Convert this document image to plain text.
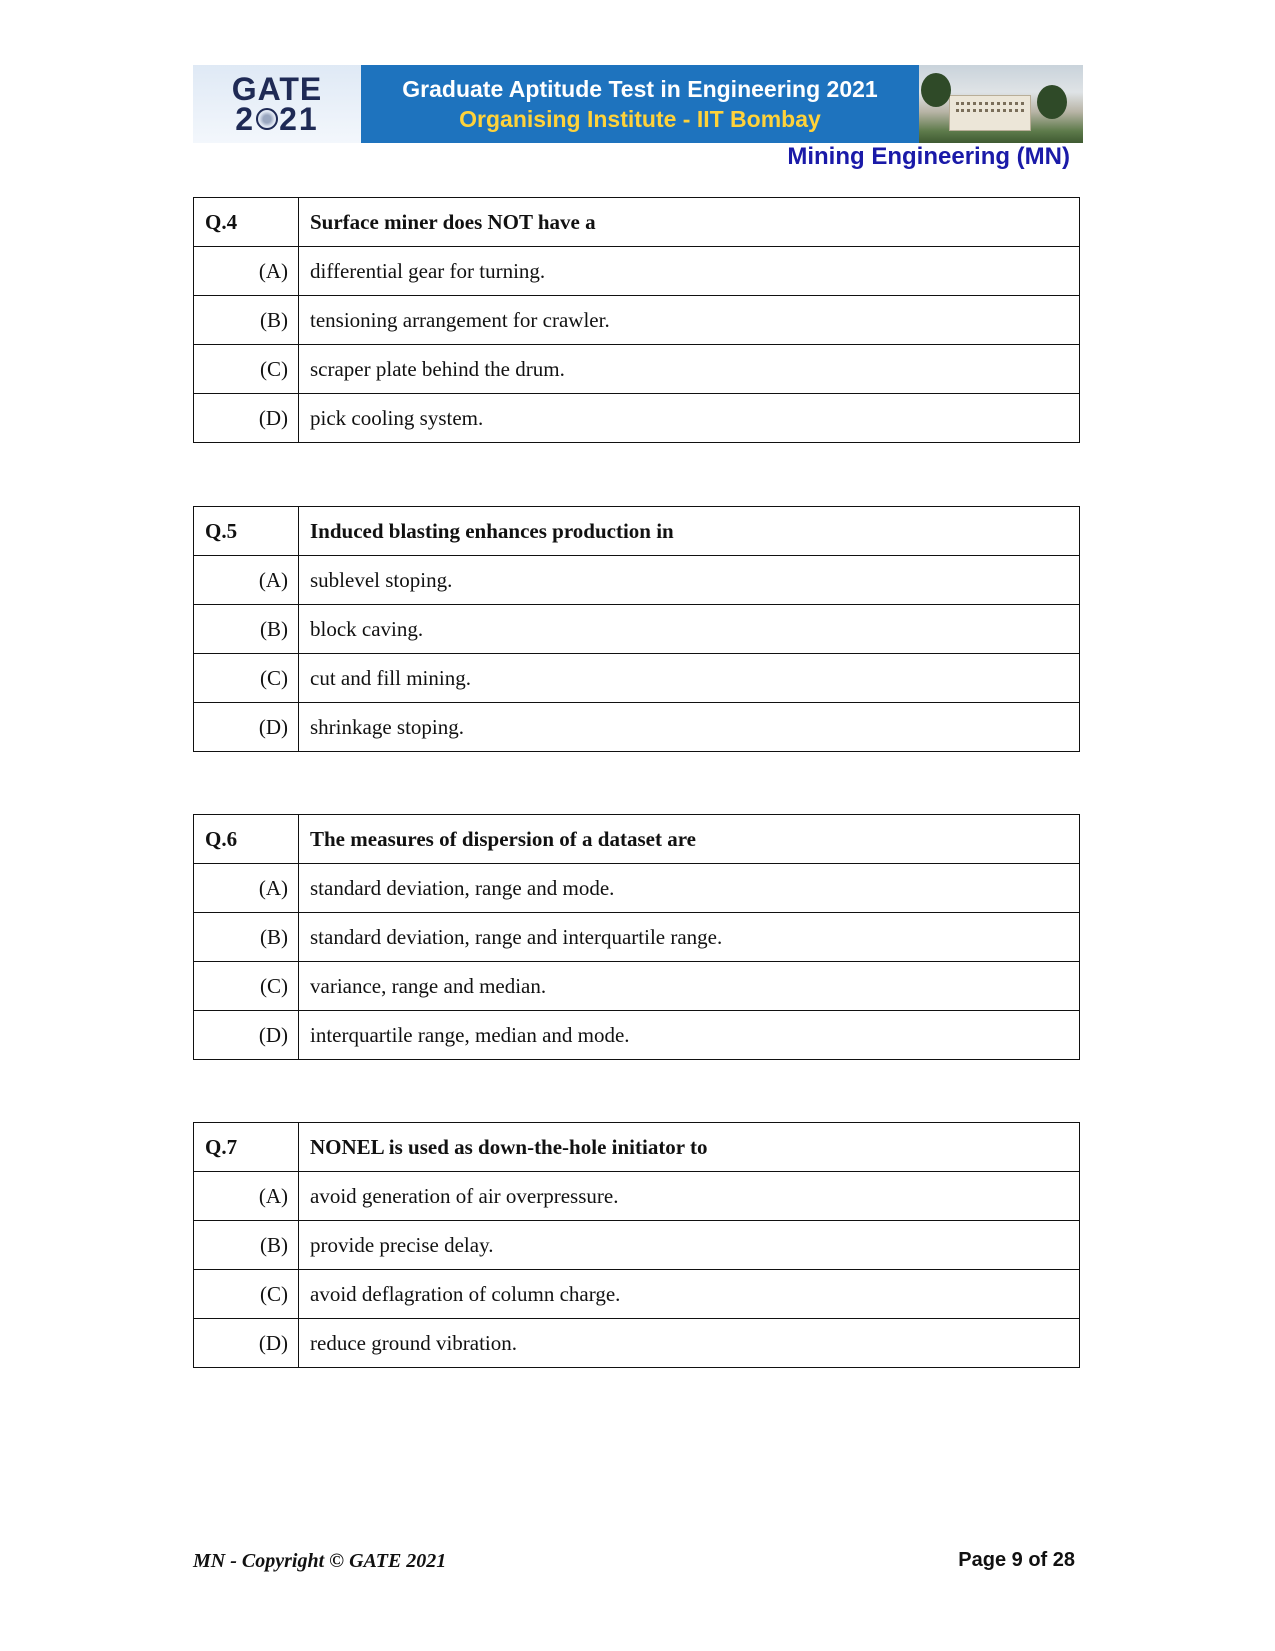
GATE
2 21
Graduate Aptitude Test in Engineering 2021
Organising Institute - IIT Bombay
Mining Engineering (MN)
Q.4	Surface miner does NOT have a
(A)	differential gear for turning.
(B)	tensioning arrangement for crawler.
(C)	scraper plate behind the drum.
(D)	pick cooling system.
Q.5	Induced blasting enhances production in
(A)	sublevel stoping.
(B)	block caving.
(C)	cut and fill mining.
(D)	shrinkage stoping.
Q.6	The measures of dispersion of a dataset are
(A)	standard deviation, range and mode.
(B)	standard deviation, range and interquartile range.
(C)	variance, range and median.
(D)	interquartile range, median and mode.
Q.7	NONEL is used as down-the-hole initiator to
(A)	avoid generation of air overpressure.
(B)	provide precise delay.
(C)	avoid deflagration of column charge.
(D)	reduce ground vibration.
MN - Copyright © GATE 2021	Page 9 of 28
